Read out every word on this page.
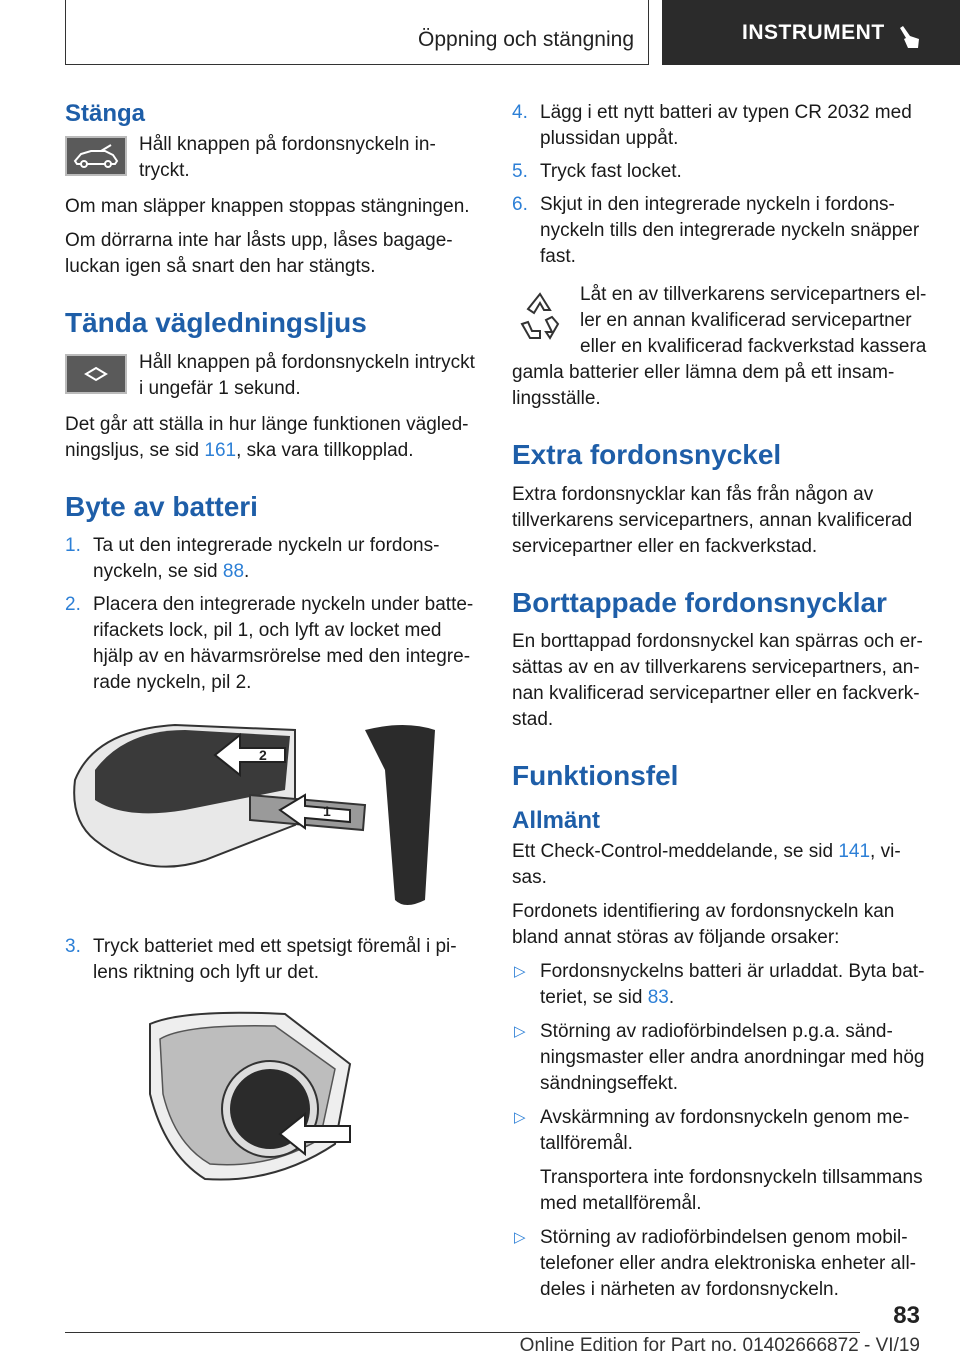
Öppning och stängning	INSTRUMENT
Stänga

Håll knappen på fordonsnyckeln intryckt.

Om man släpper knappen stoppas stängningen.

Om dörrarna inte har låsts upp, låses bagageluckan igen så snart den har stängts.

Tända vägledningsljus

Håll knappen på fordonsnyckeln intryckt i ungefär 1 sekund.

Det går att ställa in hur länge funktionen vägledningsljus, se sid 161, ska vara tillkopplad.

Byte av batteri
1. Ta ut den integrerade nyckeln ur fordonsnyckeln, se sid 88.
2. Placera den integrerade nyckeln under batterifackets lock, pil 1, och lyft av locket med hjälp av en hävarmsrörelse med den integrerade nyckeln, pil 2.
2
1
3. Tryck batteriet med ett spetsigt föremål i pilens riktning och lyft ur det.
4. Lägg i ett nytt batteri av typen CR 2032 med plussidan uppåt.
5. Tryck fast locket.
6. Skjut in den integrerade nyckeln i fordonsnyckeln tills den integrerade nyckeln snäpper fast.

Låt en av tillverkarens servicepartners eller en annan kvalificerad servicepartner eller en kvalificerad fackverkstad kassera gamla batterier eller lämna dem på ett insamlingsställe.

Extra fordonsnyckel

Extra fordonsnycklar kan fås från någon av tillverkarens servicepartners, annan kvalificerad servicepartner eller en fackverkstad.

Borttappade fordonsnycklar

En borttappad fordonsnyckel kan spärras och ersättas av en av tillverkarens servicepartners, annan kvalificerad servicepartner eller en fackverkstad.

Funktionsfel
Allmänt

Ett Check-Control-meddelande, se sid 141, visas.

Fordonets identifiering av fordonsnyckeln kan bland annat störas av följande orsaker:

▷ Fordonsnyckelns batteri är urladdat. Byta batteriet, se sid 83.
▷ Störning av radioförbindelsen p.g.a. sändningsmaster eller andra anordningar med hög sändningseffekt.
▷ Avskärmning av fordonsnyckeln genom metallföremål.
Transportera inte fordonsnyckeln tillsammans med metallföremål.
▷ Störning av radioförbindelsen genom mobiltelefoner eller andra elektroniska enheter alldeles i närheten av fordonsnyckeln.
83
Online Edition for Part no. 01402666872 - VI/19
